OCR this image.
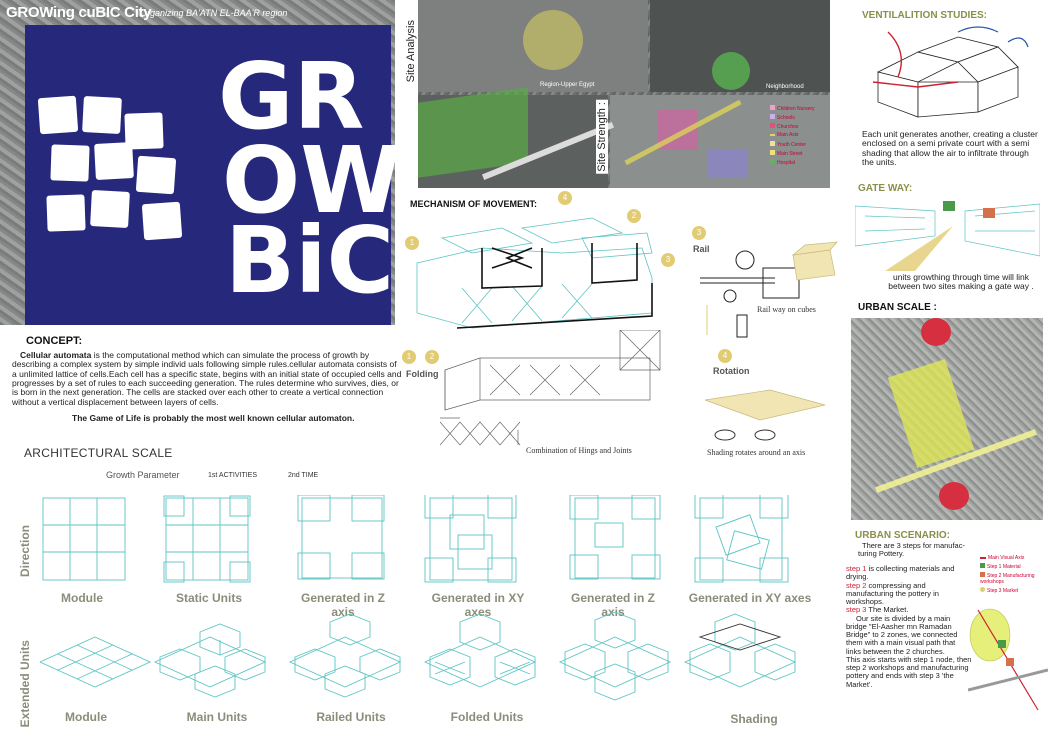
GROWing cuBIC City
Organizing BA'ATN EL-BAA'R region
GR
OW
BiC
Region-Upper Egypt	Neighborhood
Site Analysis
Site Strength :	Children Nursery
Schools
Churches
Main Axis
Youth Center
Main Street
Hospital
CONCEPT:
Cellular automata is the computational method which can simulate the process of growth by describing a complex system by simple individ uals following simple rules.cellular automata consists of a unlimited lattice of cells.Each cell has a specific state, begins with an initial state of occupied cells and progresses by a set of rules to each succeeding generation. The rules determine who survives, dies, or is born in the next generation. The cells are stacked over each other to create a vertical connection without a vertical displacement between layers of cells.
The Game of Life is probably the most well known cellular automaton.
MECHANISM OF MOVEMENT:
4
1
2
3
3
Rail
Rail way on cubes
1	2
Folding
Combination of Hings and Joints
4
Rotation
Shading rotates around an axis
VENTILALITION STUDIES:
Each unit generates another, creating a cluster enclosed on a semi private court with a semi shading that allow the air to infiltrate through the units.
GATE WAY:
units growthing through time will link between two sites making a gate way .
URBAN SCALE :
URBAN SCENARIO:
There are 3 steps for manufac- turing Pottery.
step 1 is collecting materials and drying.
step 2 compressing and manufacturing the pottery in workshops.
step 3 The Market.
Our site is divided by a main bridge "El-Aasher mn Ramadan Bridge" to 2 zones, we connected them with a main visual path that links between the 2 churches.
This axis starts with step 1 node, then step 2 workshops and manufacturing pottery and ends with step 3 'the Market'.
Main Visual Axis
Step 1 Material
Step 2 Manufacturing workshops
Step 3 Market
ARCHITECTURAL SCALE
Growth Parameter	1st ACTIVITIES	2nd TIME
Direction
Extended Units
Module	Static Units	Generated in Z axis
Generated in XY axes
Generated in Z axis
Generated in XY axes
Module	Main Units	Railed Units	Folded Units	Shading
